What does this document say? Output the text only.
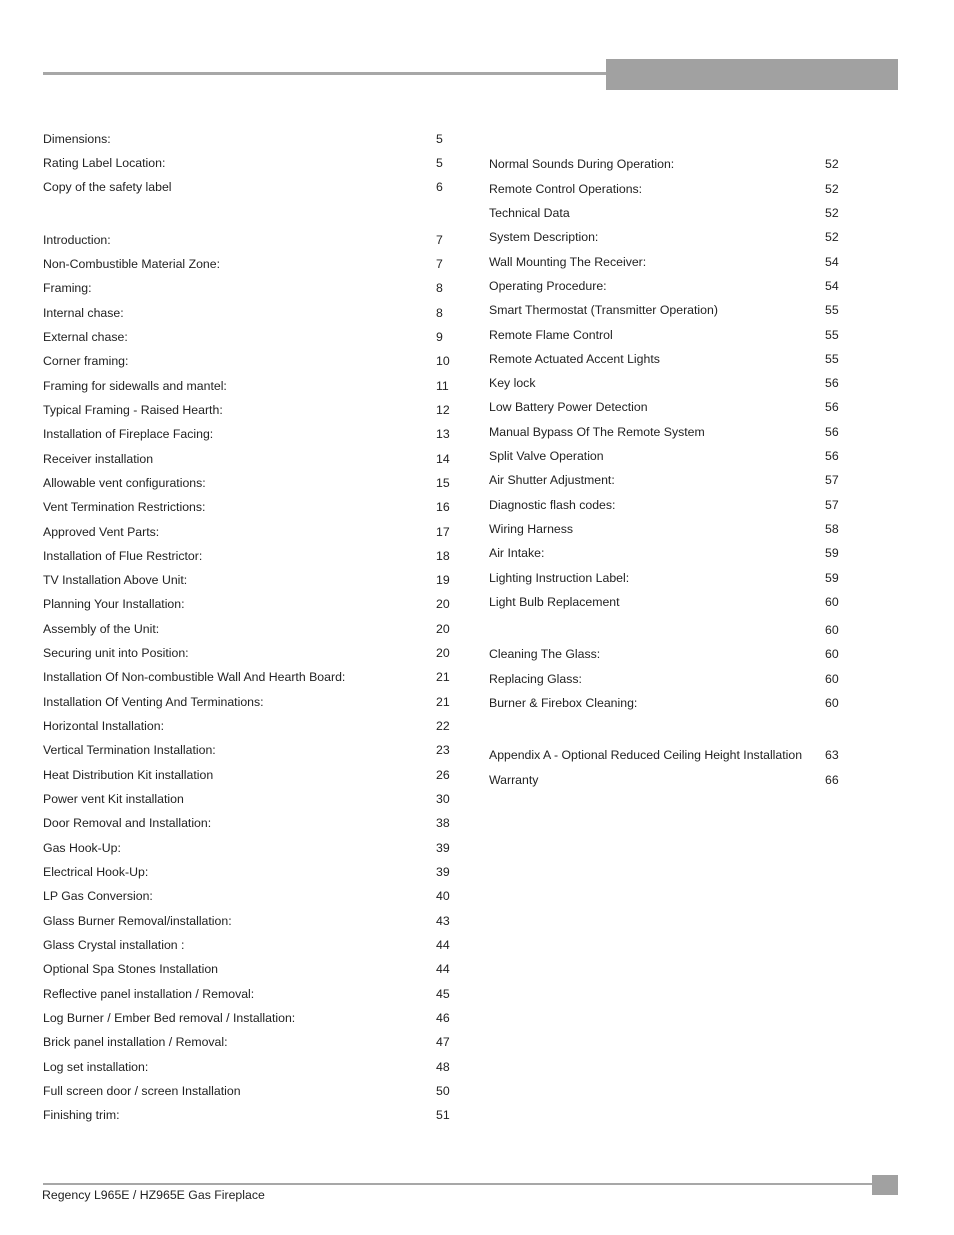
Dimensions:	5
Rating Label Location:	5
Copy of the safety label	6
Introduction:	7
Non-Combustible Material Zone:	7
Framing:	8
Internal chase:	8
External chase:	9
Corner framing:	10
Framing for sidewalls and mantel:	11
Typical Framing - Raised Hearth:	12
Installation of Fireplace Facing:	13
Receiver installation	14
Allowable vent configurations:	15
Vent Termination Restrictions:	16
Approved Vent Parts:	17
Installation of Flue Restrictor:	18
TV Installation Above Unit:	19
Planning Your Installation:	20
Assembly of the Unit:	20
Securing unit into Position:	20
Installation Of Non-combustible Wall And Hearth Board:	21
Installation Of Venting And Terminations:	21
Horizontal Installation:	22
Vertical Termination Installation:	23
Heat Distribution Kit installation	26
Power vent Kit installation	30
Door Removal and Installation:	38
Gas Hook-Up:	39
Electrical Hook-Up:	39
LP Gas Conversion:	40
Glass Burner Removal/installation:	43
Glass Crystal installation :	44
Optional Spa Stones Installation	44
Reflective panel installation / Removal:	45
Log Burner / Ember Bed removal / Installation:	46
Brick panel installation / Removal:	47
Log set installation:	48
Full screen door / screen Installation	50
Finishing trim:	51
Normal Sounds During Operation:	52
Remote Control Operations:	52
Technical Data	52
System Description:	52
Wall Mounting The Receiver:	54
Operating Procedure:	54
Smart Thermostat (Transmitter Operation)	55
Remote Flame Control	55
Remote Actuated Accent Lights	55
Key lock	56
Low Battery Power Detection	56
Manual Bypass Of The Remote System	56
Split Valve Operation	56
Air Shutter Adjustment:	57
Diagnostic flash codes:	57
Wiring Harness	58
Air Intake:	59
Lighting Instruction Label:	59
Light Bulb Replacement	60
60
Cleaning The Glass:	60
Replacing Glass:	60
Burner & Firebox Cleaning:	60
Appendix A - Optional Reduced Ceiling Height Installation 63
Warranty	66
Regency L965E / HZ965E Gas Fireplace
